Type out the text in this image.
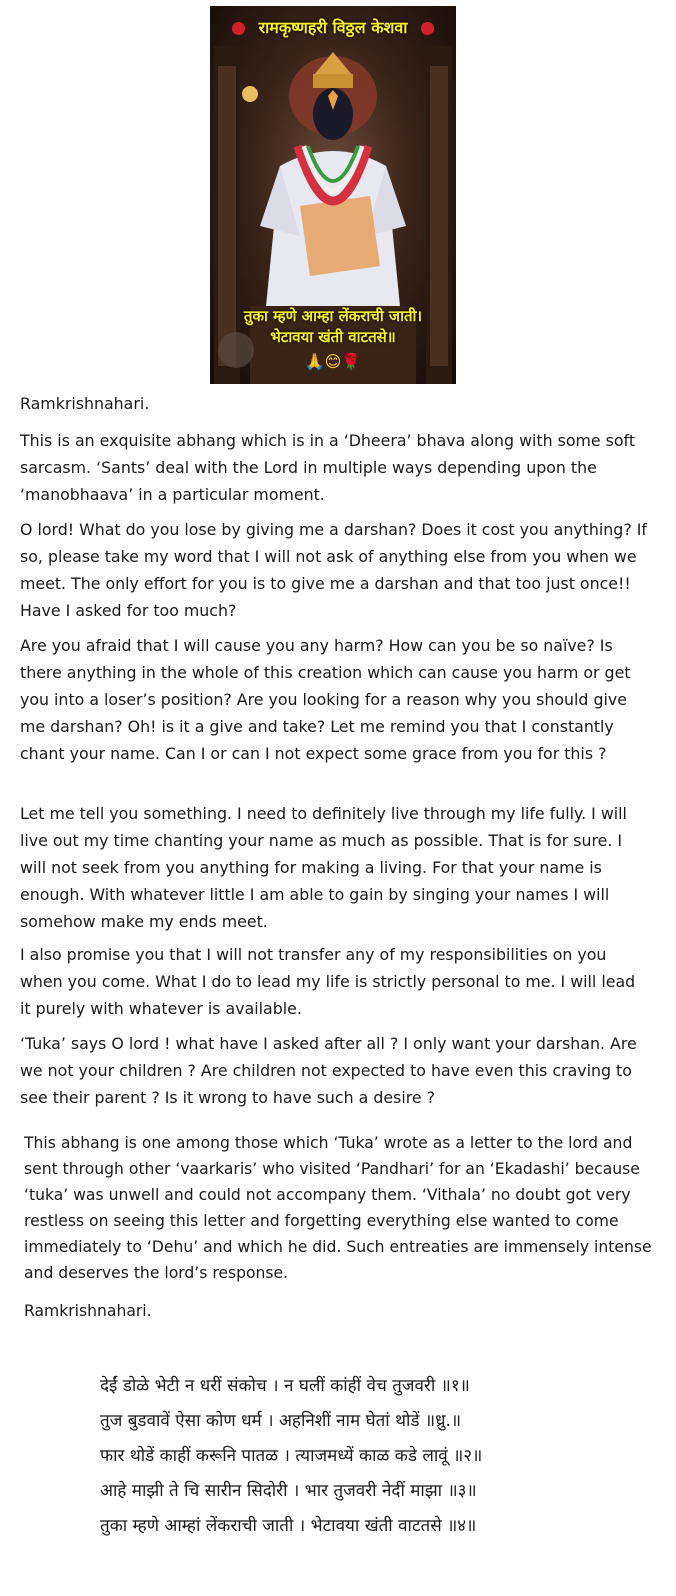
रामकृष्णहरी विठ्ठल केशवा
तुका म्हणे आम्हा लेंकराची जाती।
भेटावया खंती वाटतसे॥
🙏😊🌹

Ramkrishnahari.

This is an exquisite abhang which is in a ‘Dheera’ bhava along with some soft sarcasm. ‘Sants’ deal with the Lord in multiple ways depending upon the ‘manobhaava’ in a particular moment.

O lord! What do you lose by giving me a darshan? Does it cost you anything? If so, please take my word that I will not ask of anything else from you when we meet. The only effort for you is to give me a darshan and that too just once!! Have I asked for too much?

Are you afraid that I will cause you any harm? How can you be so naïve? Is there anything in the whole of this creation which can cause you harm or get you into a loser’s position? Are you looking for a reason why you should give me darshan? Oh! is it a give and take? Let me remind you that I constantly chant your name. Can I or can I not expect some grace from you for this ?

Let me tell you something. I need to definitely live through my life fully. I will live out my time chanting your name as much as possible. That is for sure. I will not seek from you anything for making a living. For that your name is enough. With whatever little I am able to gain by singing your names I will somehow make my ends meet.

I also promise you that I will not transfer any of my responsibilities on you when you come. What I do to lead my life is strictly personal to me. I will lead it purely with whatever is available.

‘Tuka’ says O lord ! what have I asked after all ? I only want your darshan. Are we not your children ? Are children not expected to have even this craving to see their parent ? Is it wrong to have such a desire ?

This abhang is one among those which ‘Tuka’ wrote as a letter to the lord and sent through other ‘vaarkaris’ who visited ‘Pandhari’ for an ‘Ekadashi’ because ‘tuka’ was unwell and could not accompany them. ‘Vithala’ no doubt got very restless on seeing this letter and forgetting everything else wanted to come immediately to ‘Dehu’ and which he did. Such entreaties are immensely intense and deserves the lord’s response.

Ramkrishnahari.

देईं डोळे भेटी न धरीं संकोच । न घलीं कांहीं वेच तुजवरी ॥१॥
तुज बुडवावें ऐसा कोण धर्म । अहनिशीं नाम घेतां थोडें ॥ध्रु.॥
फार थोडें काहीं करूनि पातळ । त्याजमध्यें काळ कडे लावूं ॥२॥
आहे माझी ते चि सारीन सिदोरी । भार तुजवरी नेदीं माझा ॥३॥
तुका म्हणे आम्हां लेंकराची जाती । भेटावया खंती वाटतसे ॥४॥
